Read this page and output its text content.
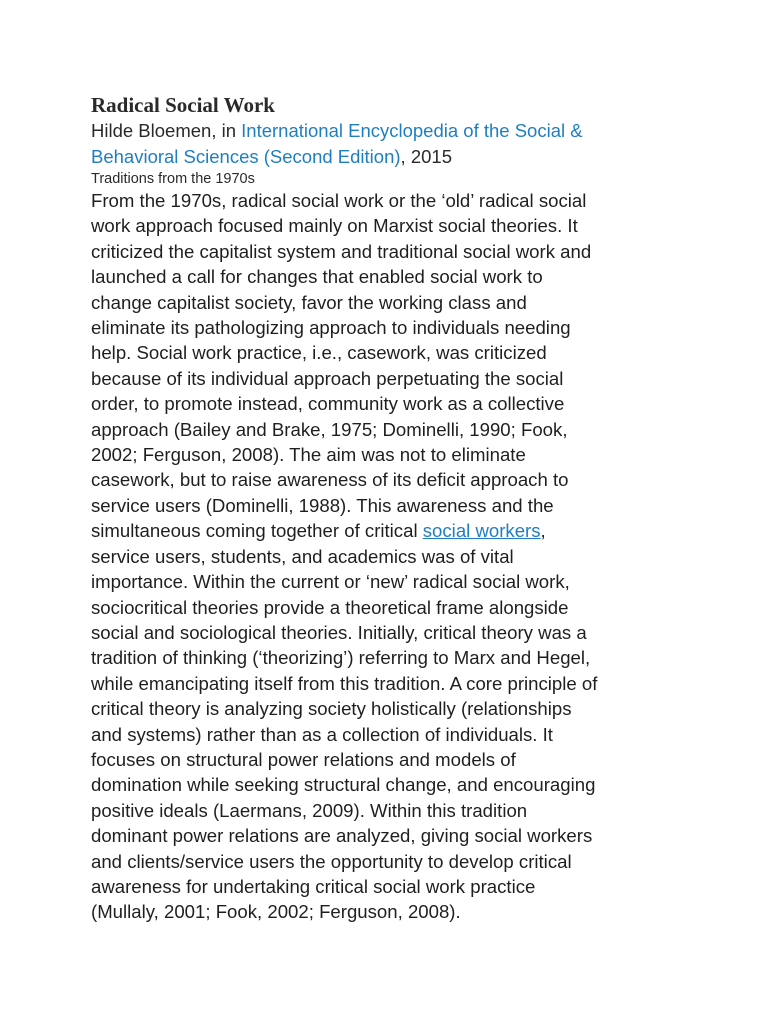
Radical Social Work

Hilde Bloemen, in International Encyclopedia of the Social &
Behavioral Sciences (Second Edition), 2015

Traditions from the 1970s

From the 1970s, radical social work or the ‘old’ radical social
work approach focused mainly on Marxist social theories. It
criticized the capitalist system and traditional social work and
launched a call for changes that enabled social work to
change capitalist society, favor the working class and
eliminate its pathologizing approach to individuals needing
help. Social work practice, i.e., casework, was criticized
because of its individual approach perpetuating the social
order, to promote instead, community work as a collective
approach (Bailey and Brake, 1975; Dominelli, 1990; Fook,
2002; Ferguson, 2008). The aim was not to eliminate
casework, but to raise awareness of its deficit approach to
service users (Dominelli, 1988). This awareness and the
simultaneous coming together of critical social workers,
service users, students, and academics was of vital
importance. Within the current or ‘new’ radical social work,
sociocritical theories provide a theoretical frame alongside
social and sociological theories. Initially, critical theory was a
tradition of thinking (‘theorizing’) referring to Marx and Hegel,
while emancipating itself from this tradition. A core principle of
critical theory is analyzing society holistically (relationships
and systems) rather than as a collection of individuals. It
focuses on structural power relations and models of
domination while seeking structural change, and encouraging
positive ideals (Laermans, 2009). Within this tradition
dominant power relations are analyzed, giving social workers
and clients/service users the opportunity to develop critical
awareness for undertaking critical social work practice
(Mullaly, 2001; Fook, 2002; Ferguson, 2008).
